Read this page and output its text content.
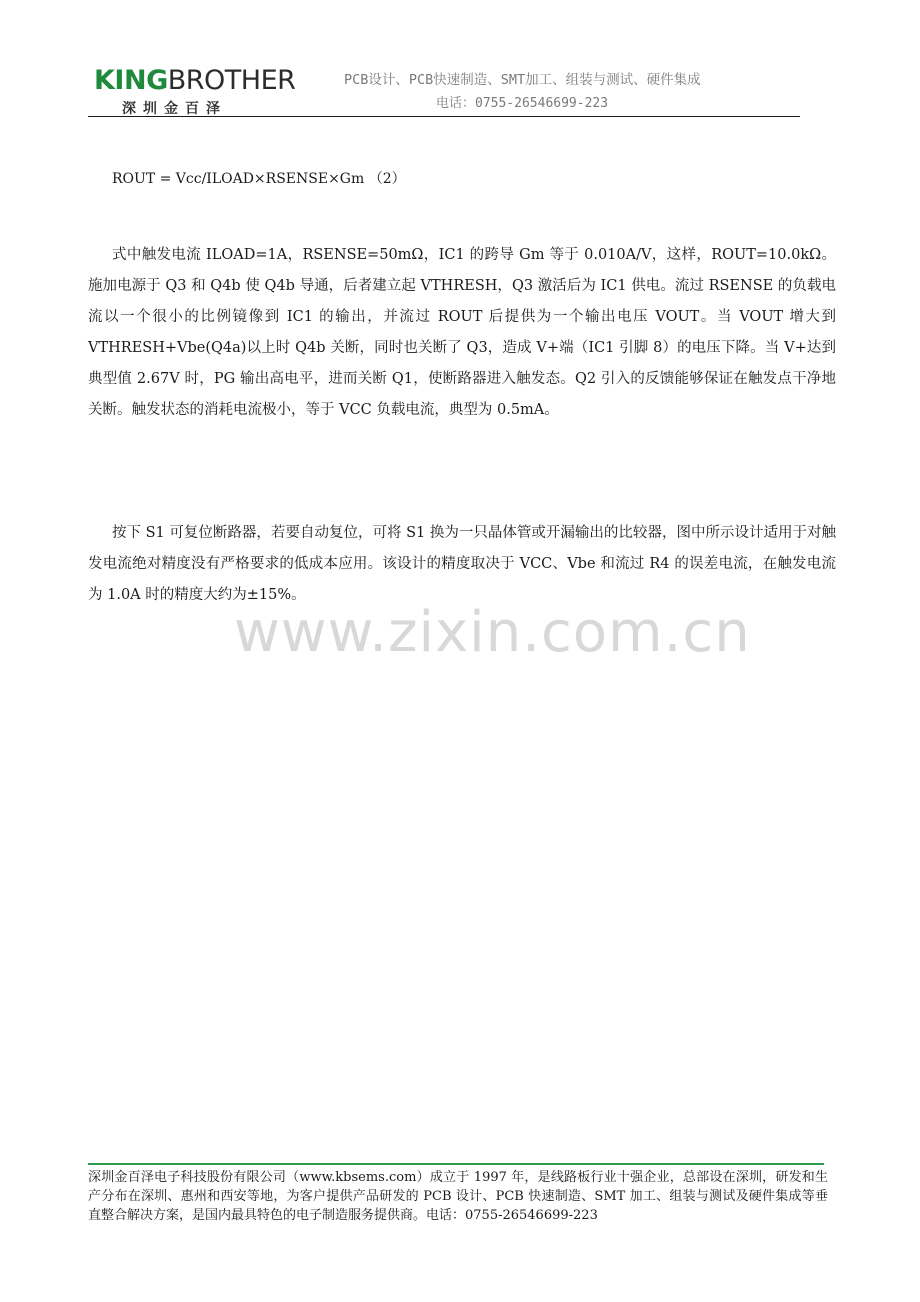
KINGBROTHER
深圳金百泽
PCB设计、PCB快速制造、SMT加工、组装与测试、硬件集成
电话：0755-26546699-223
ROUT = Vcc/ILOAD×RSENSE×Gm （2）

式中触发电流 ILOAD=1A，RSENSE=50mΩ，IC1 的跨导 Gm 等于 0.010A/V，这样，ROUT=10.0kΩ。施加电源于 Q3 和 Q4b 使 Q4b 导通，后者建立起 VTHRESH，Q3 激活后为 IC1 供电。流过 RSENSE 的负载电流以一个很小的比例镜像到 IC1 的输出，并流过 ROUT 后提供为一个输出电压 VOUT。当 VOUT 增大到 VTHRESH+Vbe(Q4a)以上时 Q4b 关断，同时也关断了 Q3，造成 V+端（IC1 引脚 8）的电压下降。当 V+达到典型值 2.67V 时，PG 输出高电平，进而关断 Q1，使断路器进入触发态。Q2 引入的反馈能够保证在触发点干净地关断。触发状态的消耗电流极小，等于 VCC 负载电流，典型为 0.5mA。

按下 S1 可复位断路器，若要自动复位，可将 S1 换为一只晶体管或开漏输出的比较器，图中所示设计适用于对触发电流绝对精度没有严格要求的低成本应用。该设计的精度取决于 VCC、Vbe 和流过 R4 的误差电流，在触发电流为 1.0A 时的精度大约为±15%。

www.zixin.com.cn

深圳金百泽电子科技股份有限公司（www.kbsems.com）成立于 1997 年，是线路板行业十强企业，总部设在深圳，研发和生产分布在深圳、惠州和西安等地，为客户提供产品研发的 PCB 设计、PCB 快速制造、SMT 加工、组装与测试及硬件集成等垂直整合解决方案，是国内最具特色的电子制造服务提供商。电话：0755-26546699-223
